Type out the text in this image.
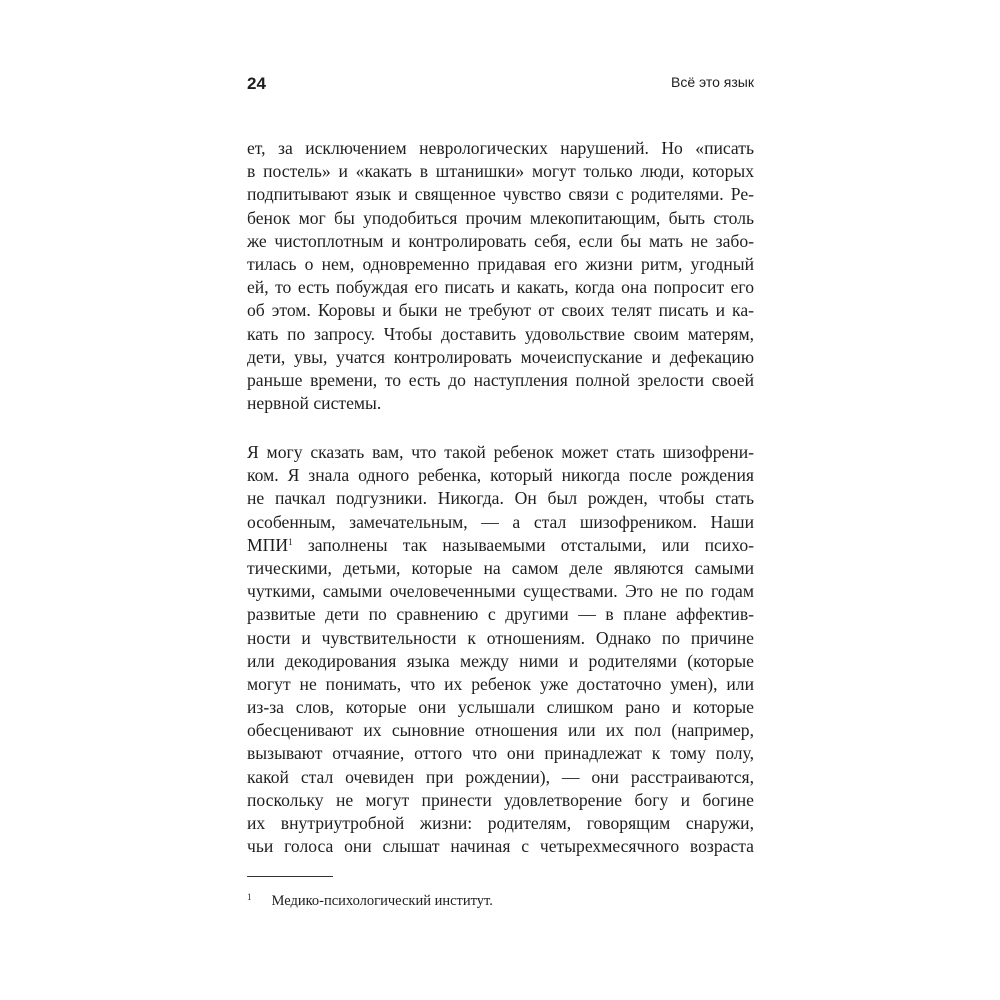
24	Всё это язык
ет, за исключением неврологических нарушений. Но «писать
в постель» и «какать в штанишки» могут только люди, которых
подпитывают язык и священное чувство связи с родителями. Ре-
бенок мог бы уподобиться прочим млекопитающим, быть столь
же чистоплотным и контролировать себя, если бы мать не забо-
тилась о нем, одновременно придавая его жизни ритм, угодный
ей, то есть побуждая его писать и какать, когда она попросит его
об этом. Коровы и быки не требуют от своих телят писать и ка-
кать по запросу. Чтобы доставить удовольствие своим матерям,
дети, увы, учатся контролировать мочеиспускание и дефекацию
раньше времени, то есть до наступления полной зрелости своей
нервной системы.
Я могу сказать вам, что такой ребенок может стать шизофрени-
ком. Я знала одного ребенка, который никогда после рождения
не пачкал подгузники. Никогда. Он был рожден, чтобы стать
особенным, замечательным, — а стал шизофреником. Наши
МПИ$^1$ заполнены так называемыми отсталыми, или психо-
тическими, детьми, которые на самом деле являются самыми
чуткими, самыми очеловеченными существами. Это не по годам
развитые дети по сравнению с другими — в плане аффектив-
ности и чувствительности к отношениям. Однако по причине
или декодирования языка между ними и родителями (которые
могут не понимать, что их ребенок уже достаточно умен), или
из-за слов, которые они услышали слишком рано и которые
обесценивают их сыновние отношения или их пол (например,
вызывают отчаяние, оттого что они принадлежат к тому полу,
какой стал очевиден при рождении), — они расстраиваются,
поскольку не могут принести удовлетворение богу и богине
их внутриутробной жизни: родителям, говорящим снаружи,
чьи голоса они слышат начиная с четырехмесячного возраста
$^1$ Медико-психологический институт.
